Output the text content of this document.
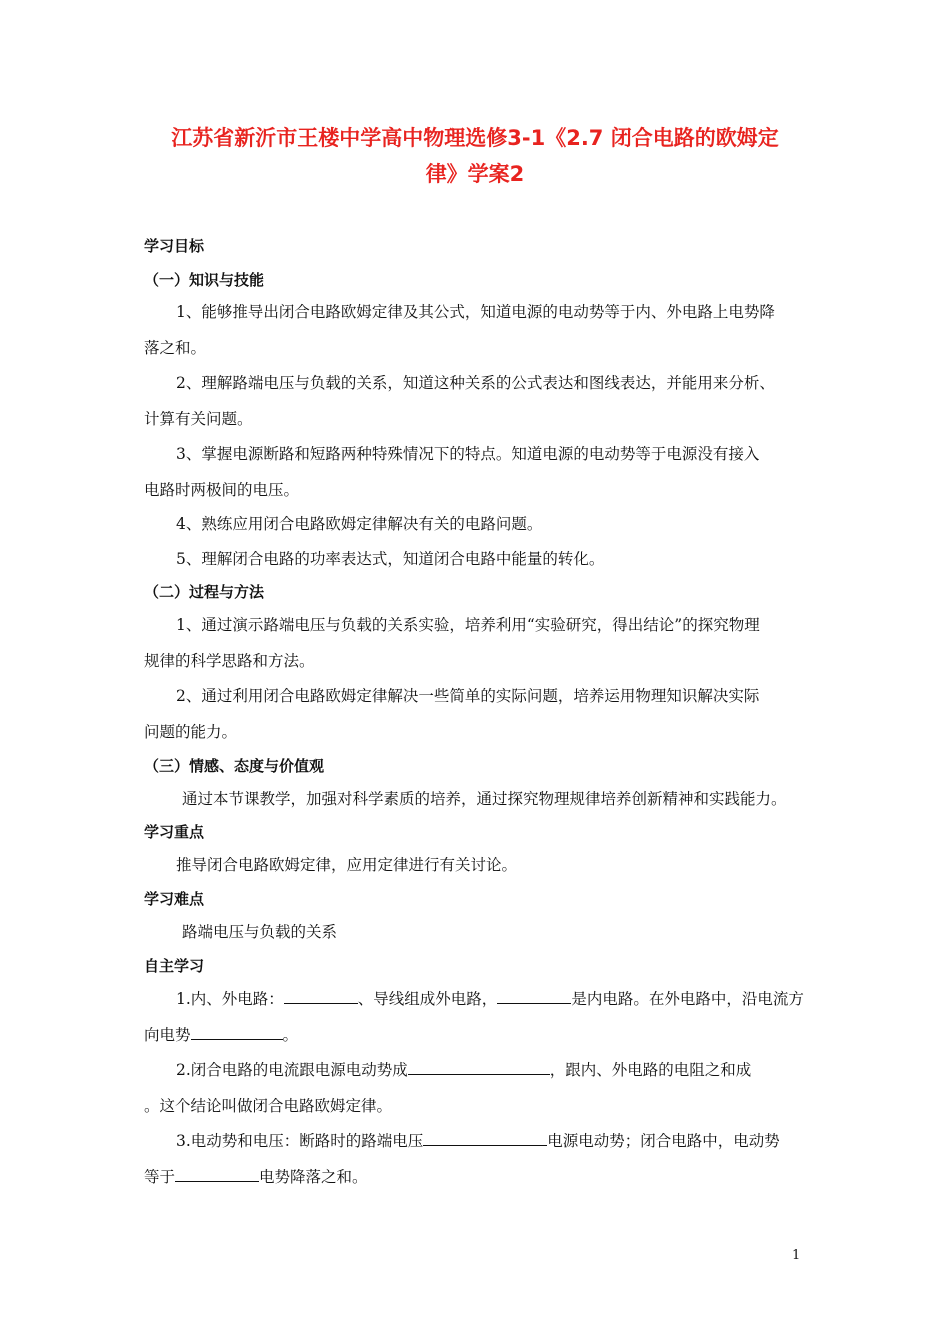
江苏省新沂市王楼中学高中物理选修3-1《2.7 闭合电路的欧姆定
律》学案2
学习目标
（一）知识与技能
1、能够推导出闭合电路欧姆定律及其公式，知道电源的电动势等于内、外电路上电势降
落之和。
2、理解路端电压与负载的关系，知道这种关系的公式表达和图线表达，并能用来分析、
计算有关问题。
3、掌握电源断路和短路两种特殊情况下的特点。知道电源的电动势等于电源没有接入
电路时两极间的电压。
4、熟练应用闭合电路欧姆定律解决有关的电路问题。
5、理解闭合电路的功率表达式，知道闭合电路中能量的转化。
（二）过程与方法
1、通过演示路端电压与负载的关系实验，培养利用“实验研究，得出结论”的探究物理
规律的科学思路和方法。
2、通过利用闭合电路欧姆定律解决一些简单的实际问题，培养运用物理知识解决实际
问题的能力。
（三）情感、态度与价值观
通过本节课教学，加强对科学素质的培养，通过探究物理规律培养创新精神和实践能力。
学习重点
推导闭合电路欧姆定律，应用定律进行有关讨论。
学习难点
路端电压与负载的关系
自主学习
1.内、外电路：	、导线组成外电路，	是内电路。在外电路中，沿电流方
向电势	。
2.闭合电路的电流跟电源电动势成	，跟内、外电路的电阻之和成
。这个结论叫做闭合电路欧姆定律。
3.电动势和电压：断路时的路端电压	电源电动势；闭合电路中，电动势
等于	电势降落之和。
1
